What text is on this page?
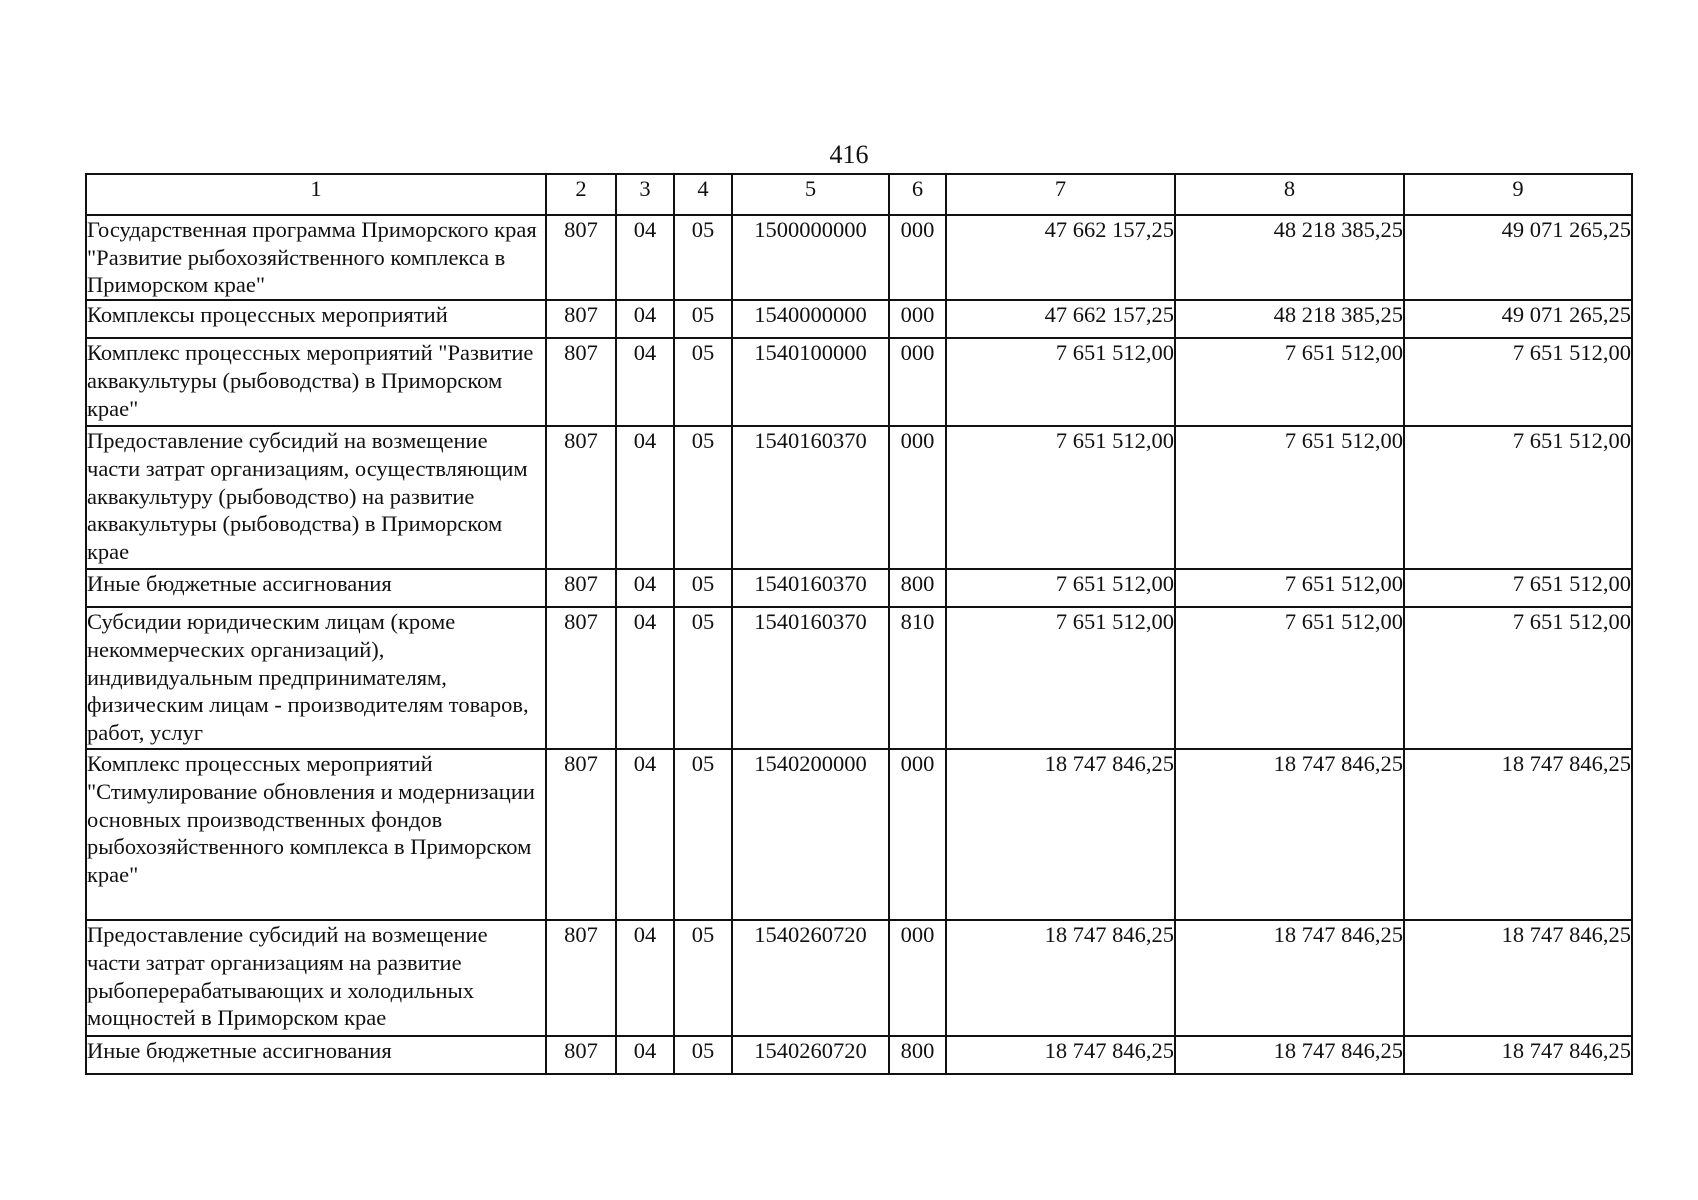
416
1	2	3	4	5	6	7	8	9
Государственная программа Приморского края "Развитие рыбохозяйственного комплекса в Приморском крае"	807	04	05	1500000000	000	47 662 157,25	48 218 385,25	49 071 265,25
Комплексы процессных мероприятий	807	04	05	1540000000	000	47 662 157,25	48 218 385,25	49 071 265,25
Комплекс процессных мероприятий "Развитие аквакультуры (рыбоводства) в Приморском крае"	807	04	05	1540100000	000	7 651 512,00	7 651 512,00	7 651 512,00
Предоставление субсидий на возмещение части затрат организациям, осуществляющим аквакультуру (рыбоводство) на развитие аквакультуры (рыбоводства) в Приморском крае	807	04	05	1540160370	000	7 651 512,00	7 651 512,00	7 651 512,00
Иные бюджетные ассигнования	807	04	05	1540160370	800	7 651 512,00	7 651 512,00	7 651 512,00
Субсидии юридическим лицам (кроме некоммерческих организаций), индивидуальным предпринимателям, физическим лицам - производителям товаров, работ, услуг	807	04	05	1540160370	810	7 651 512,00	7 651 512,00	7 651 512,00
Комплекс процессных мероприятий "Стимулирование обновления и модернизации основных производственных фондов рыбохозяйственного комплекса в Приморском крае"	807	04	05	1540200000	000	18 747 846,25	18 747 846,25	18 747 846,25
Предоставление субсидий на возмещение части затрат организациям на развитие рыбоперерабатывающих и холодильных мощностей в Приморском крае	807	04	05	1540260720	000	18 747 846,25	18 747 846,25	18 747 846,25
Иные бюджетные ассигнования	807	04	05	1540260720	800	18 747 846,25	18 747 846,25	18 747 846,25
